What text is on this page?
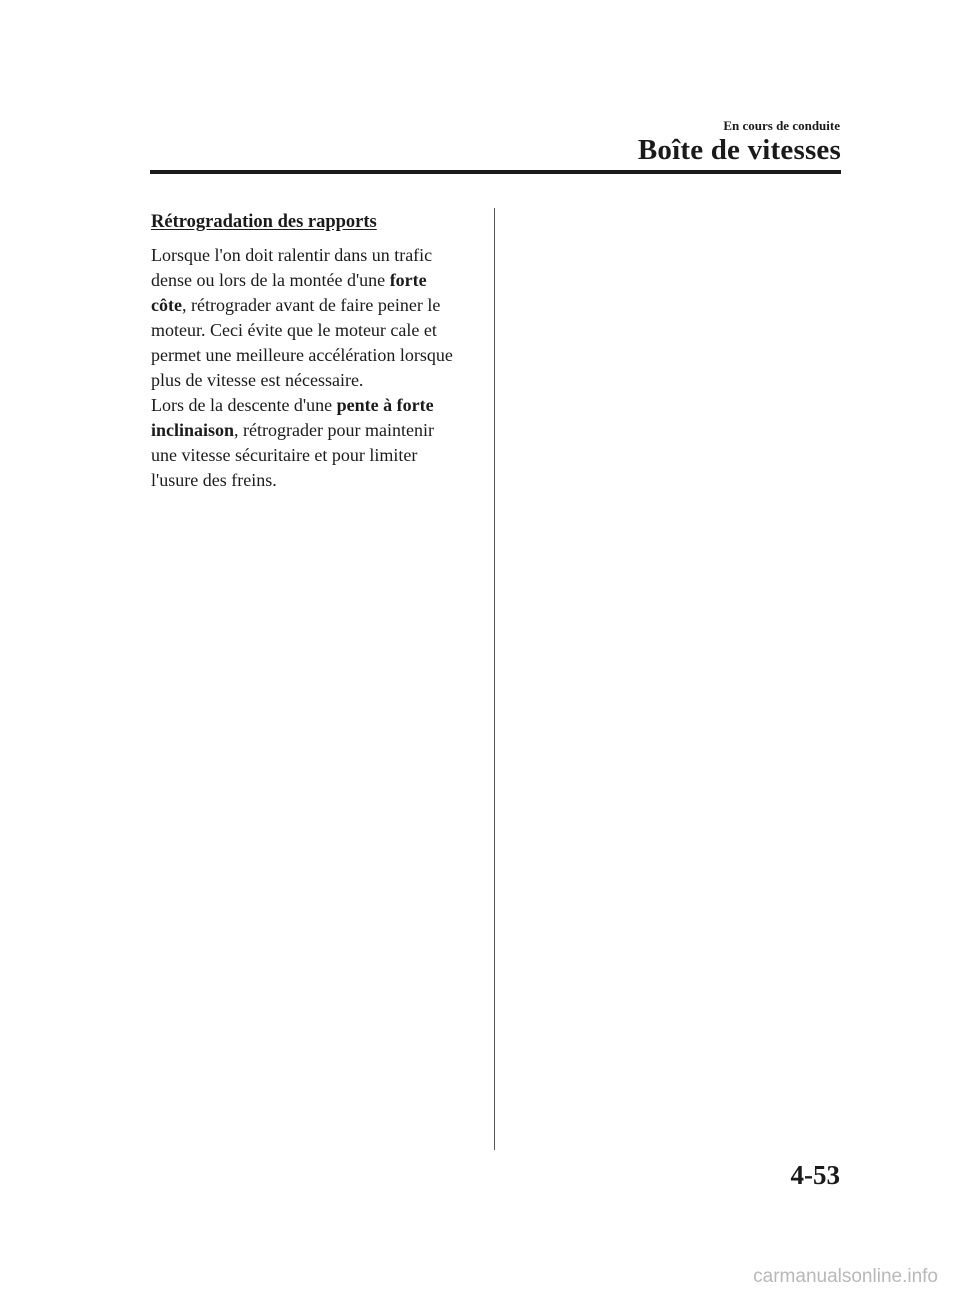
En cours de conduite
Boîte de vitesses
Rétrogradation des rapports

Lorsque l'on doit ralentir dans un trafic
dense ou lors de la montée d'une forte
côte, rétrograder avant de faire peiner le
moteur. Ceci évite que le moteur cale et
permet une meilleure accélération lorsque
plus de vitesse est nécessaire.
Lors de la descente d'une pente à forte
inclinaison, rétrograder pour maintenir
une vitesse sécuritaire et pour limiter
l'usure des freins.

4-53
carmanualsonline.info
